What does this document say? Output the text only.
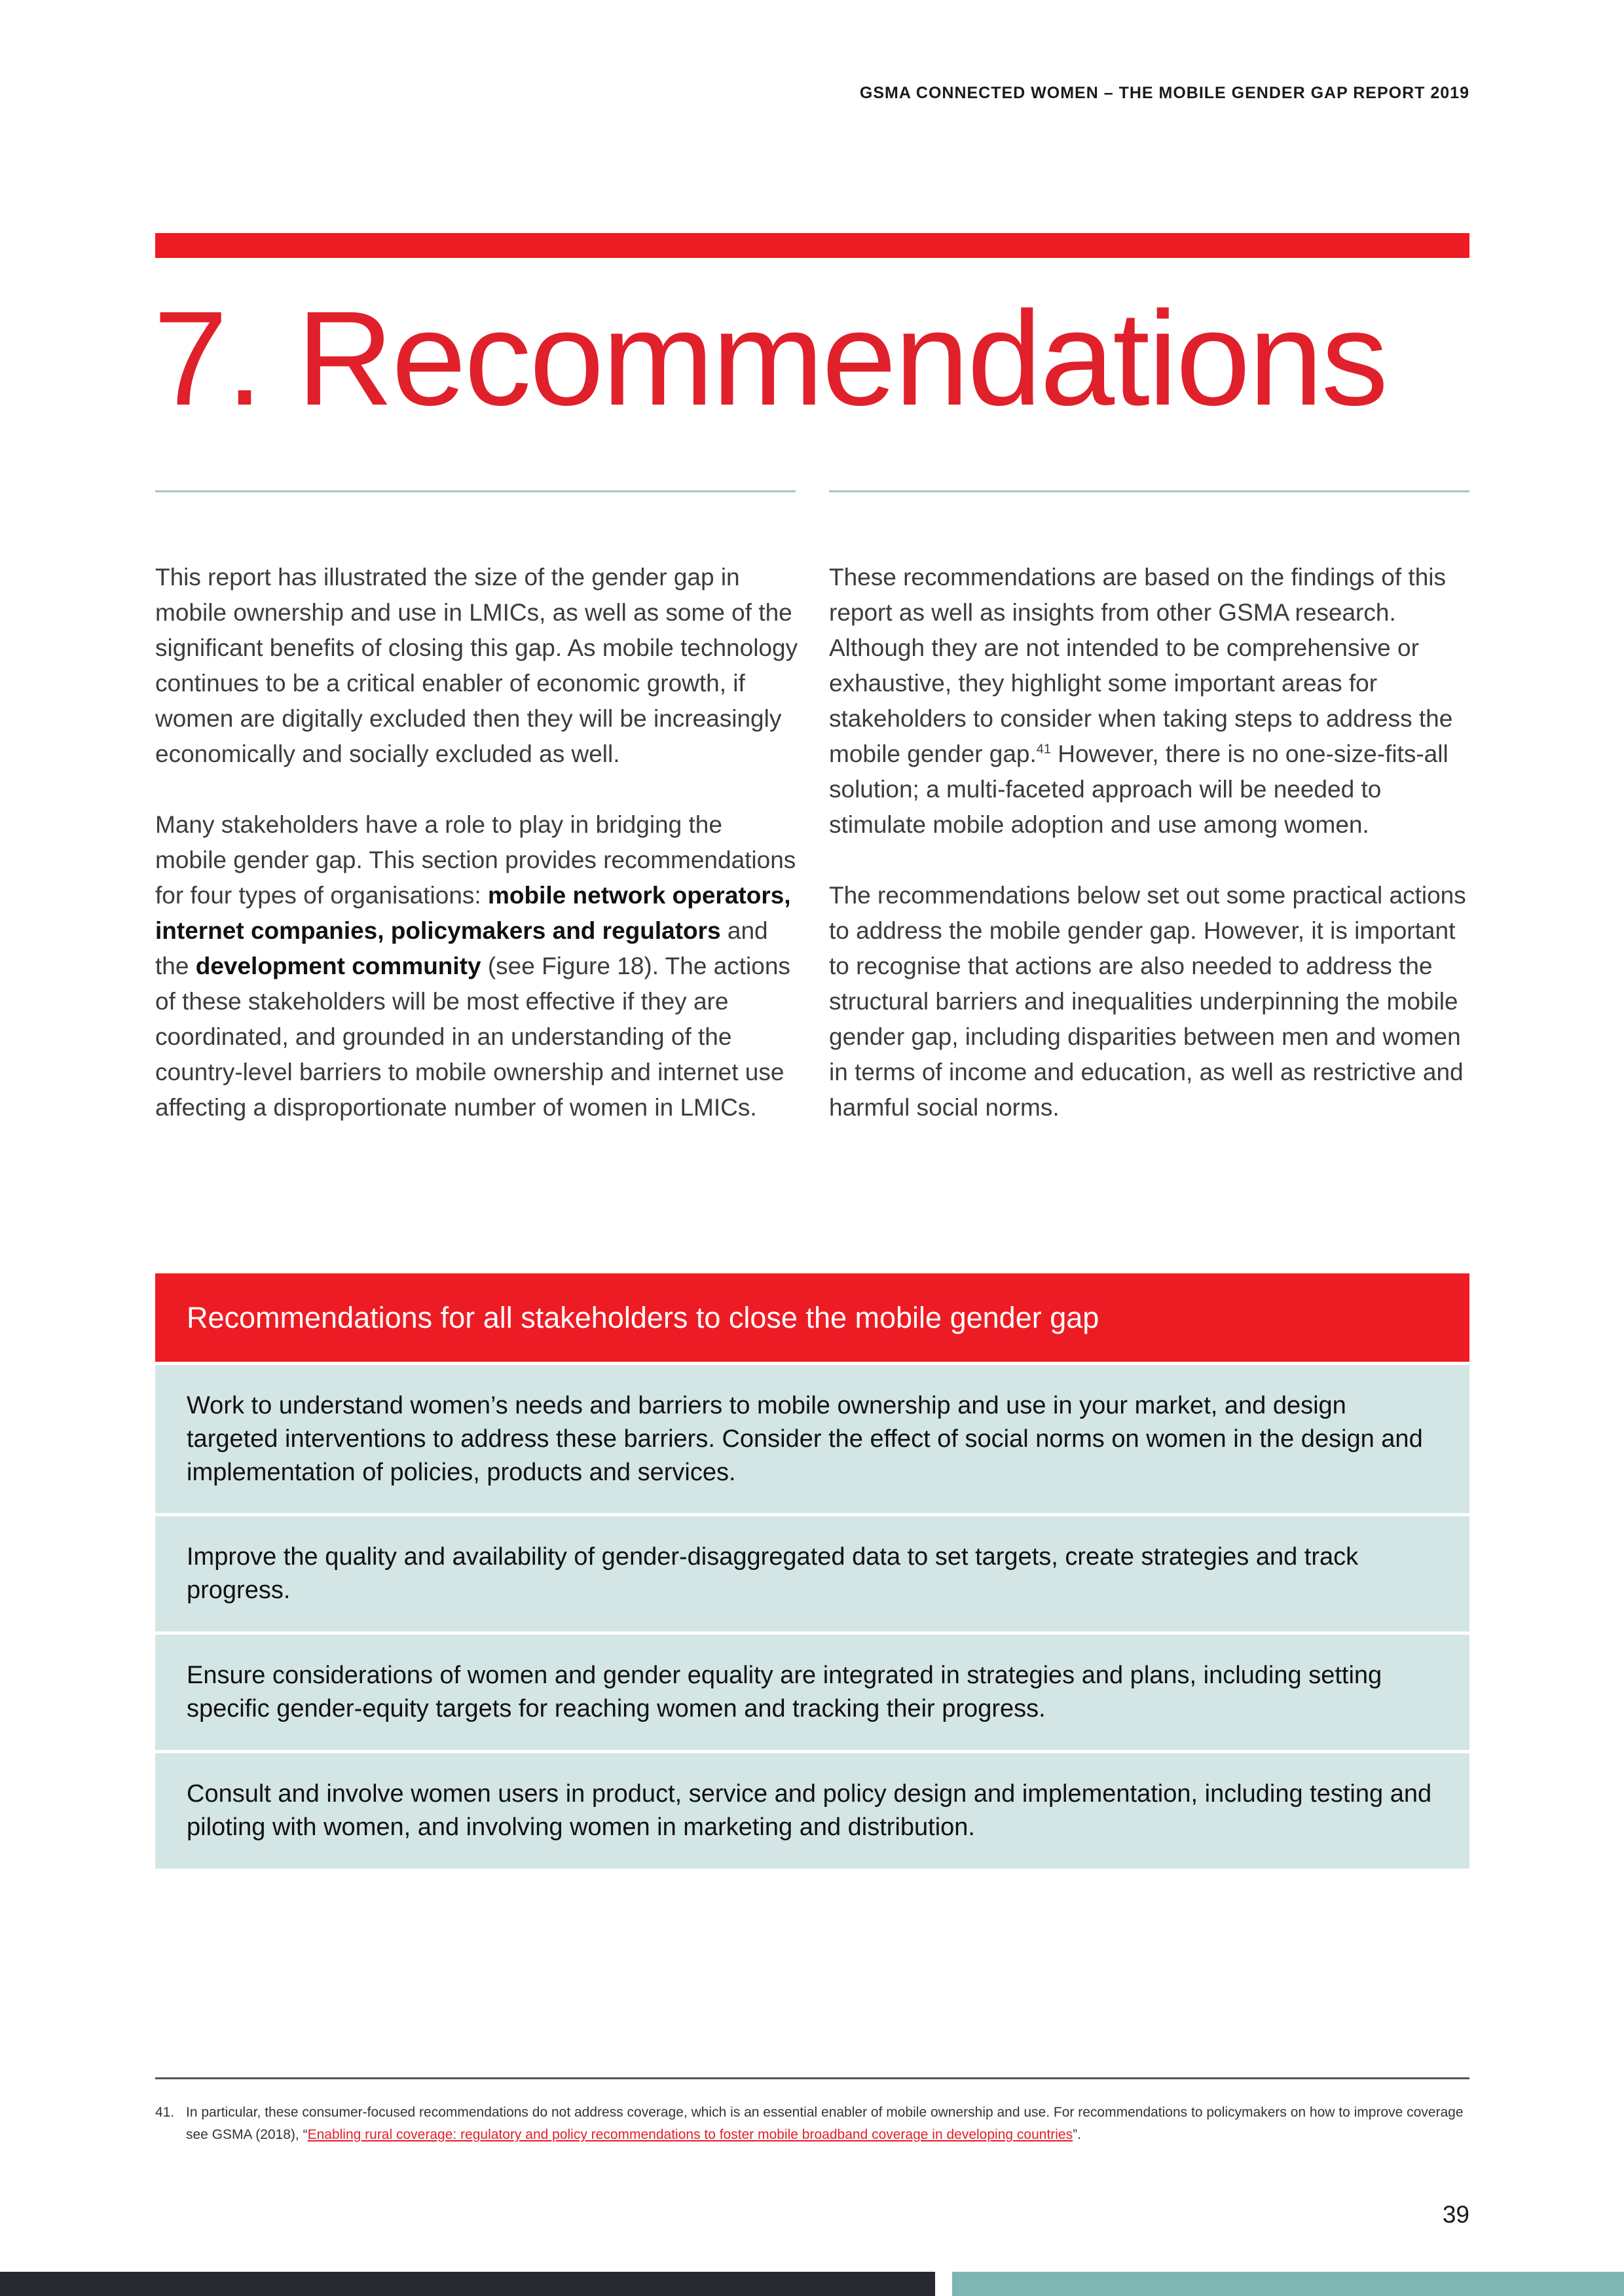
GSMA CONNECTED WOMEN – THE MOBILE GENDER GAP REPORT 2019
7. Recommendations

This report has illustrated the size of the gender gap in mobile ownership and use in LMICs, as well as some of the significant benefits of closing this gap. As mobile technology continues to be a critical enabler of economic growth, if women are digitally excluded then they will be increasingly economically and socially excluded as well.

Many stakeholders have a role to play in bridging the mobile gender gap. This section provides recommendations for four types of organisations: mobile network operators, internet companies, policymakers and regulators and the development community (see Figure 18). The actions of these stakeholders will be most effective if they are coordinated, and grounded in an understanding of the country-level barriers to mobile ownership and internet use affecting a disproportionate number of women in LMICs.

These recommendations are based on the findings of this report as well as insights from other GSMA research. Although they are not intended to be comprehensive or exhaustive, they highlight some important areas for stakeholders to consider when taking steps to address the mobile gender gap.$^{41}$ However, there is no one-size-fits-all solution; a multi-faceted approach will be needed to stimulate mobile adoption and use among women.

The recommendations below set out some practical actions to address the mobile gender gap. However, it is important to recognise that actions are also needed to address the structural barriers and inequalities underpinning the mobile gender gap, including disparities between men and women in terms of income and education, as well as restrictive and harmful social norms.

Recommendations for all stakeholders to close the mobile gender gap
Work to understand women’s needs and barriers to mobile ownership and use in your market, and design targeted interventions to address these barriers. Consider the effect of social norms on women in the design and implementation of policies, products and services.
Improve the quality and availability of gender-disaggregated data to set targets, create strategies and track progress.
Ensure considerations of women and gender equality are integrated in strategies and plans, including setting specific gender-equity targets for reaching women and tracking their progress.
Consult and involve women users in product, service and policy design and implementation, including testing and piloting with women, and involving women in marketing and distribution.
41. In particular, these consumer-focused recommendations do not address coverage, which is an essential enabler of mobile ownership and use. For recommendations to policymakers on how to improve coverage see GSMA (2018), “Enabling rural coverage: regulatory and policy recommendations to foster mobile broadband coverage in developing countries”.
39
